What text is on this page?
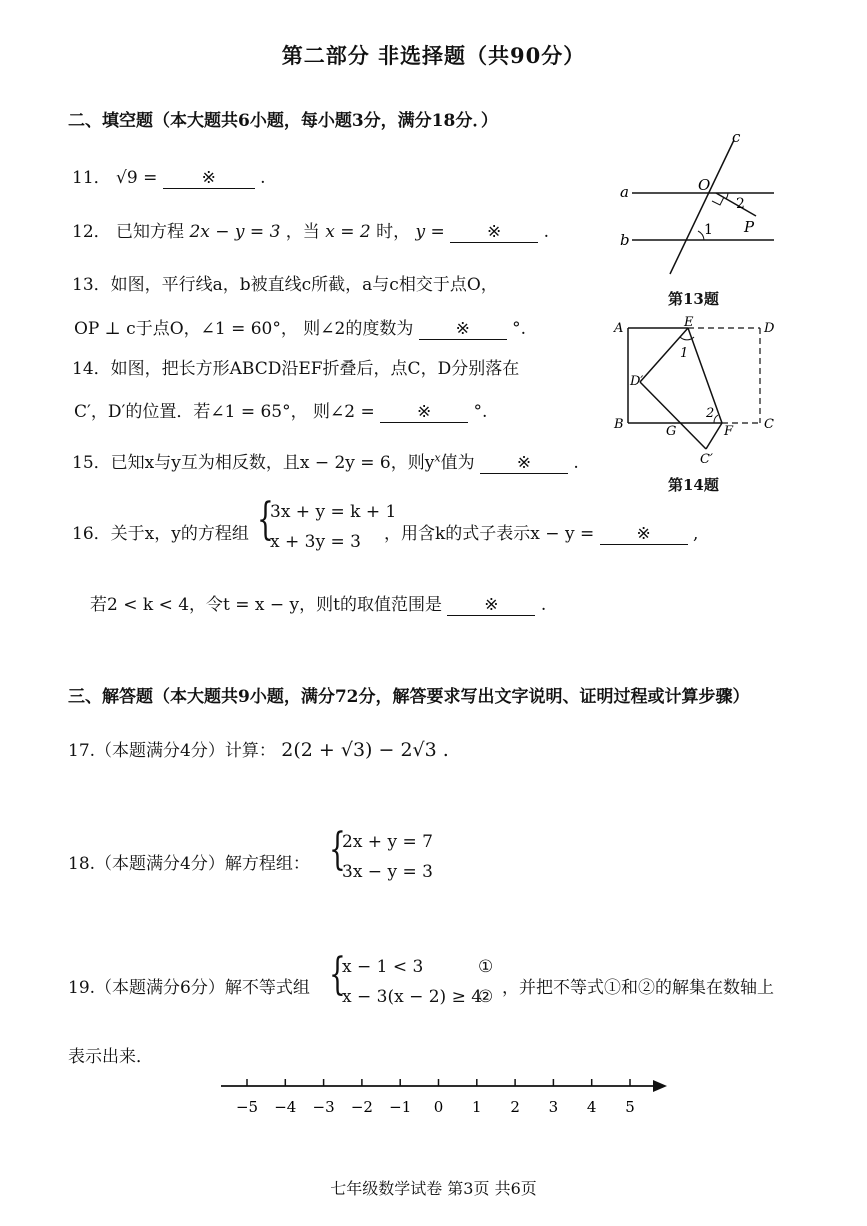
第二部分 非选择题（共90分）
二、填空题（本大题共6小题，每小题3分，满分18分．）
11． √9 =	※	.
12． 已知方程 2x − y = 3 ，当 x = 2 时， y = ※ .
13．如图，平行线a，b被直线c所截，a与c相交于点O，
OP ⊥ c于点O，∠1 = 60°， 则∠2的度数为 ※ °.
14．如图，把长方形ABCD沿EF折叠后，点C，D分别落在
C′，D′的位置．若∠1 = 65°， 则∠2 = ※ °.
15．已知x与y互为相反数，且x − 2y = 6，则$y^x$值为 ※ .
16．关于x，y的方程组 {
3x + y = k + 1
x + 3y = 3	，用含k的式子表示x − y = ※ ,
若2 < k < 4，令t = x − y，则t的取值范围是 ※ .
三、解答题（本大题共9小题，满分72分，解答要求写出文字说明、证明过程或计算步骤）
17.（本题满分4分）计算： 2(2 + √3) − 2√3 .
18.（本题满分4分）解方程组： {
2x + y = 7
3x − y = 3
19.（本题满分6分）解不等式组 {
x − 1 < 3
x − 3(x − 2) ≥ 4
①
② ，并把不等式①和②的解集在数轴上
表示出来．
−5 −4 −3 −2 −1 0 1 2 3 4 5
a
b
c
O
P
1
2
第13题
A
B
D
C
E
F
G
C′
D′
1
2
第14题
七年级数学试卷 第3页 共6页
